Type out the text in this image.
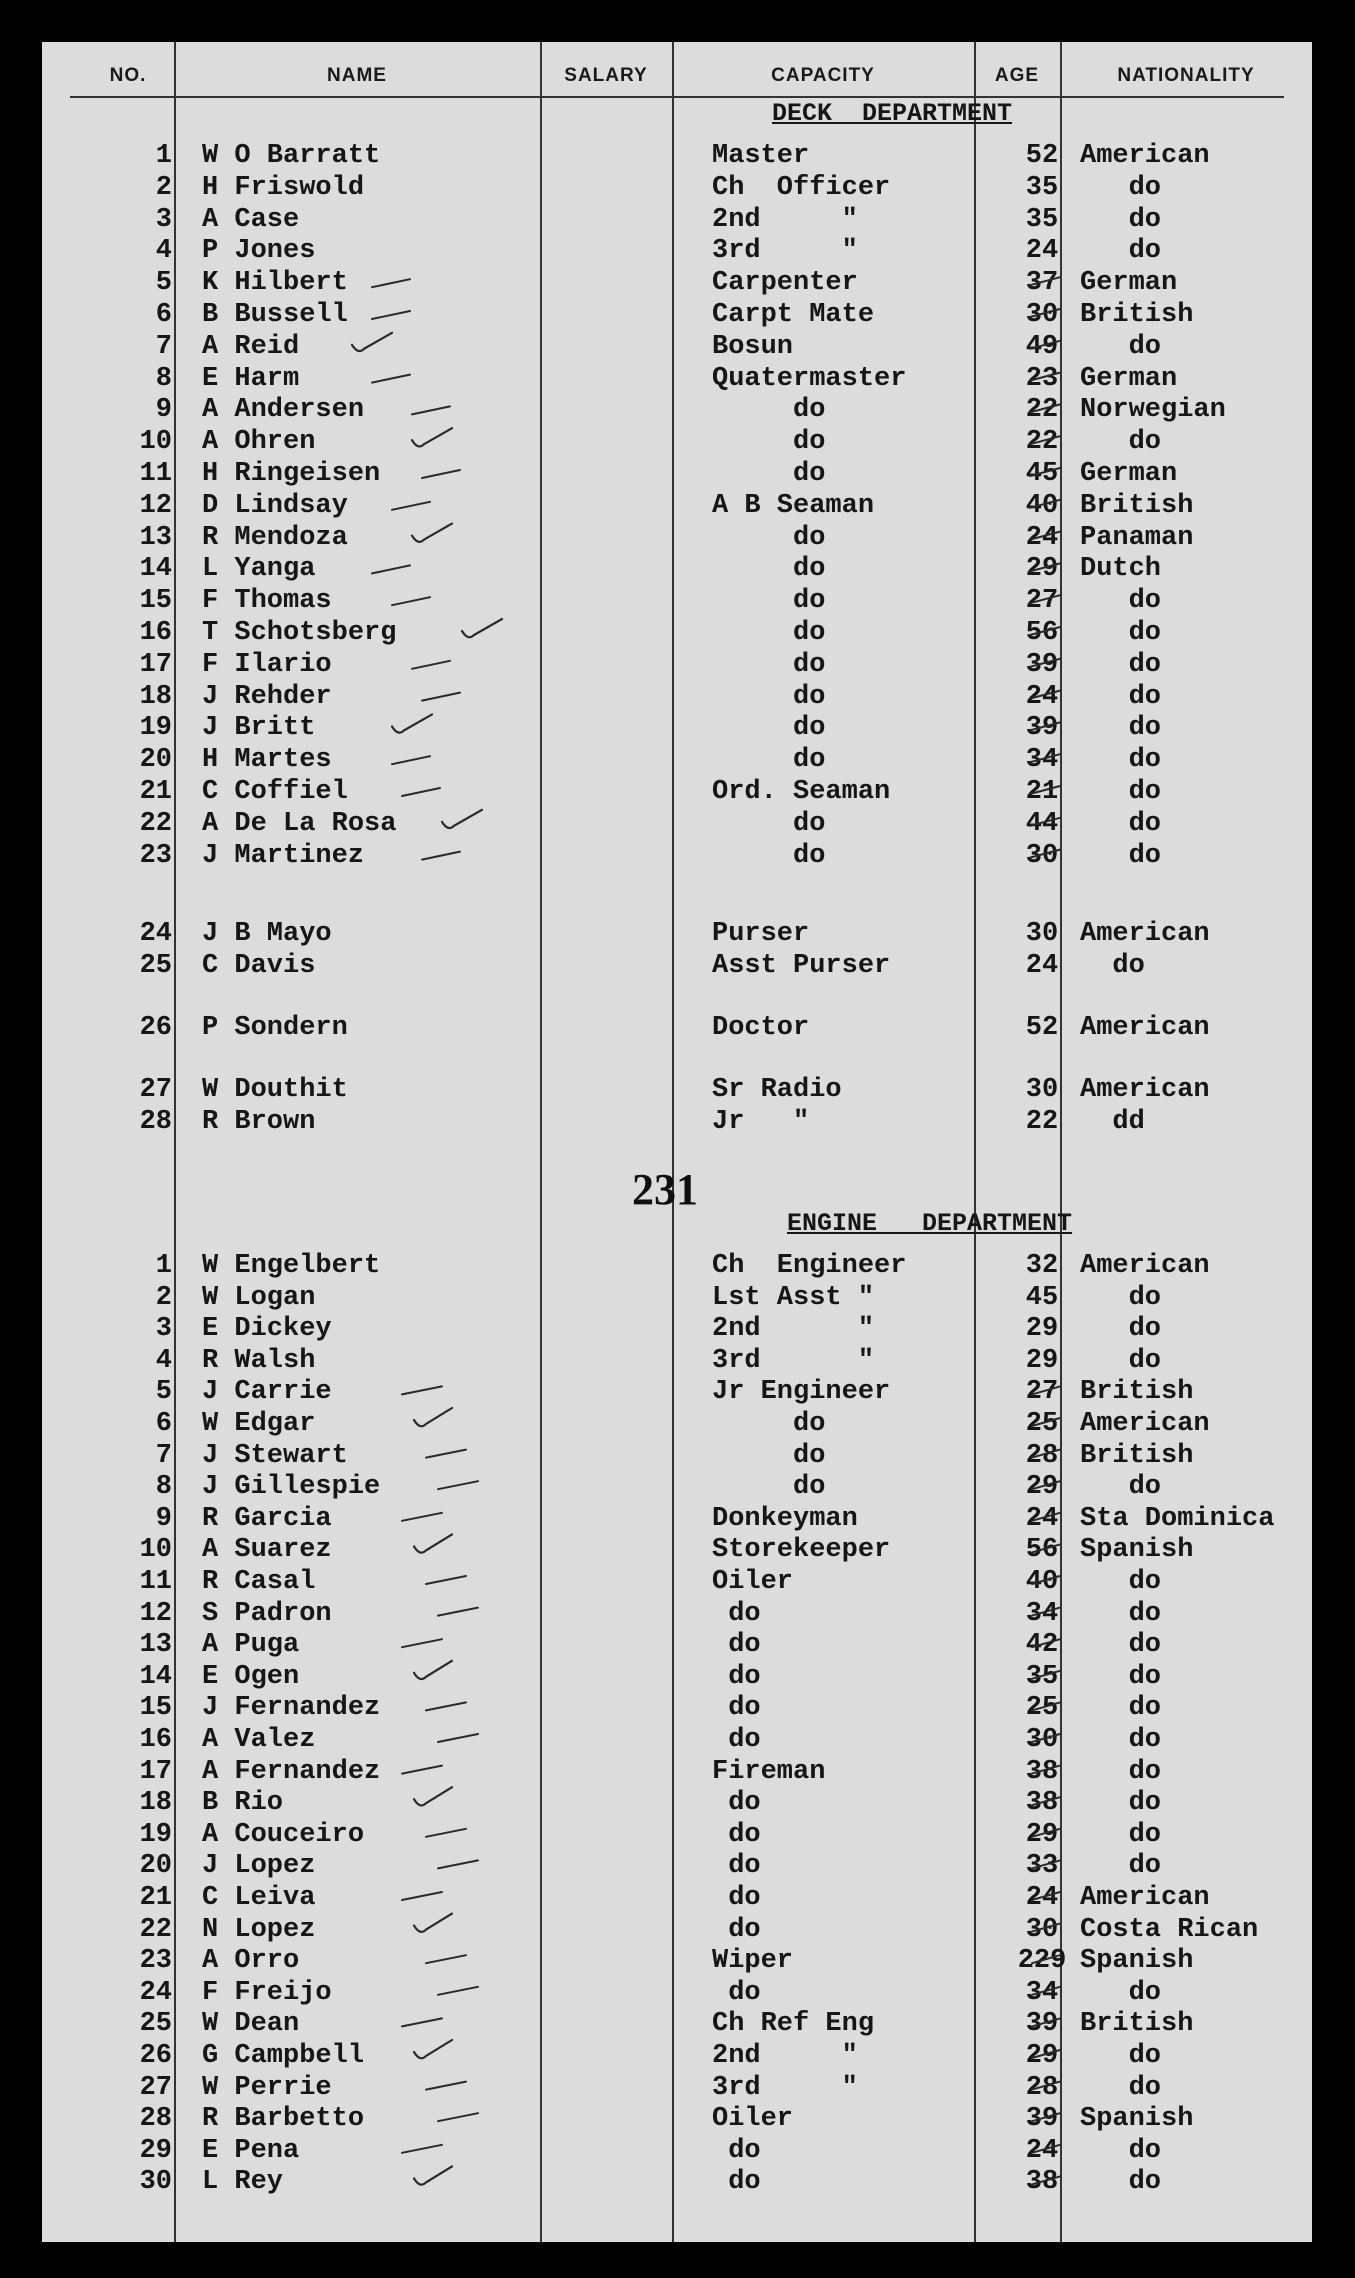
NO.	NAME	SALARY	CAPACITY	AGE	NATIONALITY
DECK  DEPARTMENT
1 W O Barratt	Master	52 American
2 H Friswold	Ch  Officer	35 do
3 A Case	2nd     "	35 do
4 P Jones	3rd     "	24 do
5 K Hilbert	Carpenter	37 German
6 B Bussell	Carpt Mate	30 British
7 A Reid	Bosun	49 do
8 E Harm	Quatermaster	23 German
9 A Andersen	do	22 Norwegian
10 A Ohren	do	22 do
11 H Ringeisen	do	45 German
12 D Lindsay	A B Seaman	40 British
13 R Mendoza	do	24 Panaman
14 L Yanga	do	29 Dutch
15 F Thomas	do	27 do
16 T Schotsberg	do	56 do
17 F Ilario	do	39 do
18 J Rehder	do	24 do
19 J Britt	do	39 do
20 H Martes	do	34 do
21 C Coffiel	Ord. Seaman	21 do
22 A De La Rosa	do	44 do
23 J Martinez	do	30 do
24 J B Mayo	Purser	30 American
25 C Davis	Asst Purser	24 do
26 P Sondern	Doctor	52 American
27 W Douthit	Sr Radio	30 American
28 R Brown	Jr   "	22 dd
231
ENGINE   DEPARTMENT
1 W Engelbert	Ch  Engineer	32 American
2 W Logan	Lst Asst "	45 do
3 E Dickey	2nd      "	29 do
4 R Walsh	3rd      "	29 do
5 J Carrie	Jr Engineer	27 British
6 W Edgar	do	25 American
7 J Stewart	do	28 British
8 J Gillespie	do	29 do
9 R Garcia	Donkeyman	24 Sta Dominica
10 A Suarez	Storekeeper	56 Spanish
11 R Casal	Oiler	40 do
12 S Padron	do	34 do
13 A Puga	do	42 do
14 E Ogen	do	35 do
15 J Fernandez	do	25 do
16 A Valez	do	30 do
17 A Fernandez	Fireman	38 do
18 B Rio	do	38 do
19 A Couceiro	do	29 do
20 J Lopez	do	33 do
21 C Leiva	do	24 American
22 N Lopez	do	30 Costa Rican
23 A Orro	Wiper	229 Spanish
24 F Freijo	do	34 do
25 W Dean	Ch Ref Eng	39 British
26 G Campbell	2nd     "	29 do
27 W Perrie	3rd     "	28 do
28 R Barbetto	Oiler	39 Spanish
29 E Pena	do	24 do
30 L Rey	do	38 do
